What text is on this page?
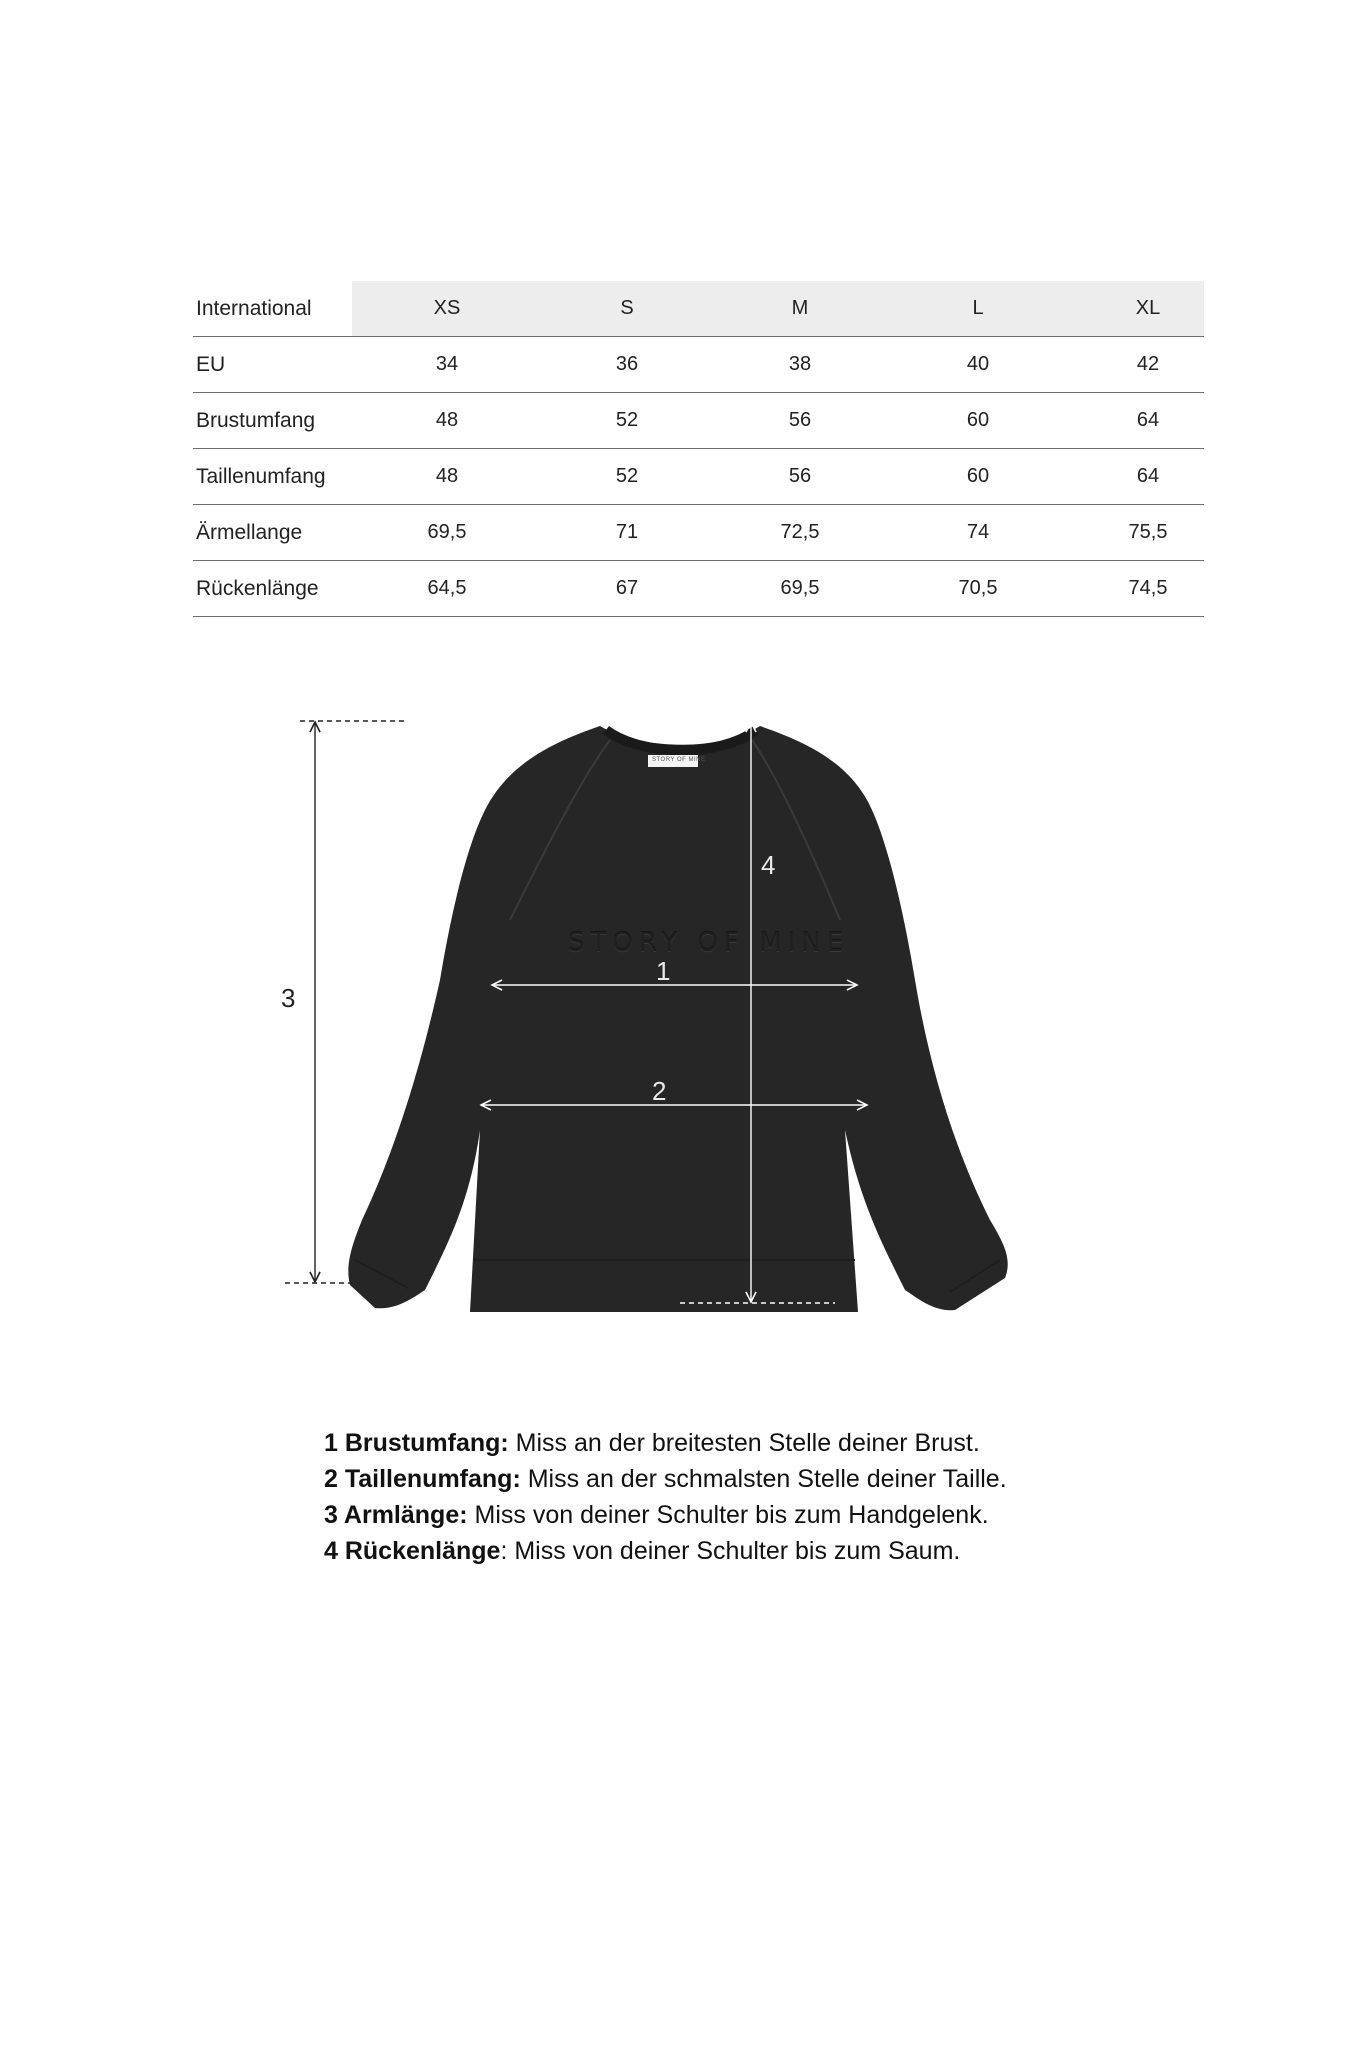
International	XS	S	M	L	XL
EU	34	36	38	40	42
Brustumfang	48	52	56	60	64
Taillenumfang	48	52	56	60	64
Ärmellange	69,5	71	72,5	74	75,5
Rückenlänge	64,5	67	69,5	70,5	74,5
STORY OF MINE
STORY OF MINE
1
2
3
4
1 Brustumfang: Miss an der breitesten Stelle deiner Brust.
2 Taillenumfang: Miss an der schmalsten Stelle deiner Taille.
3 Armlänge: Miss von deiner Schulter bis zum Handgelenk.
4 Rückenlänge: Miss von deiner Schulter bis zum Saum.
